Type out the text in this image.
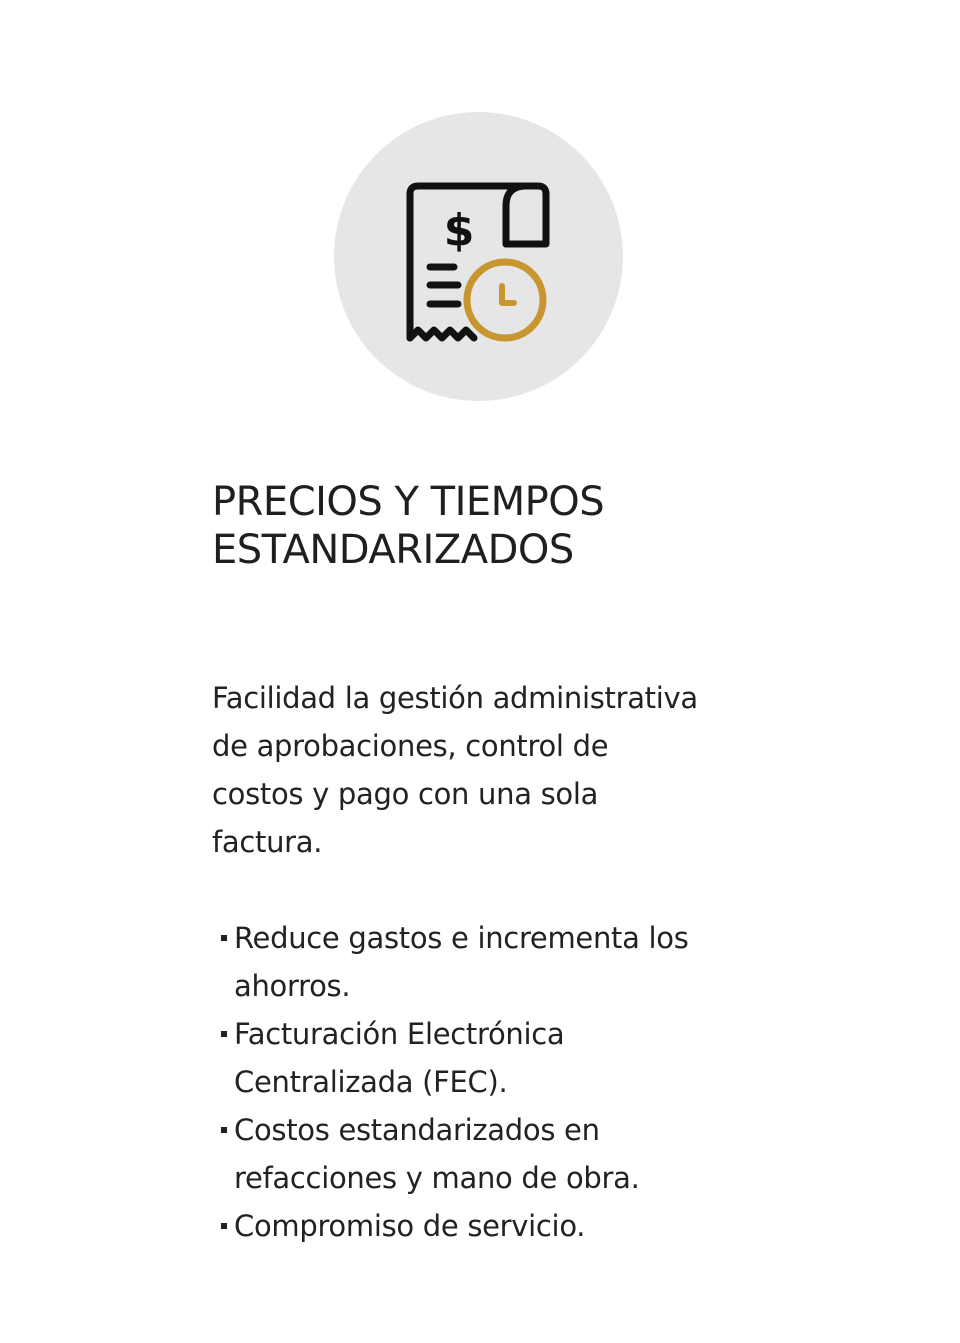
$
PRECIOS Y TIEMPOS
ESTANDARIZADOS

Facilidad la gestión administrativa
de aprobaciones, control de
costos y pago con una sola
factura.

Reduce gastos e incrementa los
ahorros.
Facturación Electrónica
Centralizada (FEC).
Costos estandarizados en
refacciones y mano de obra.
Compromiso de servicio.
